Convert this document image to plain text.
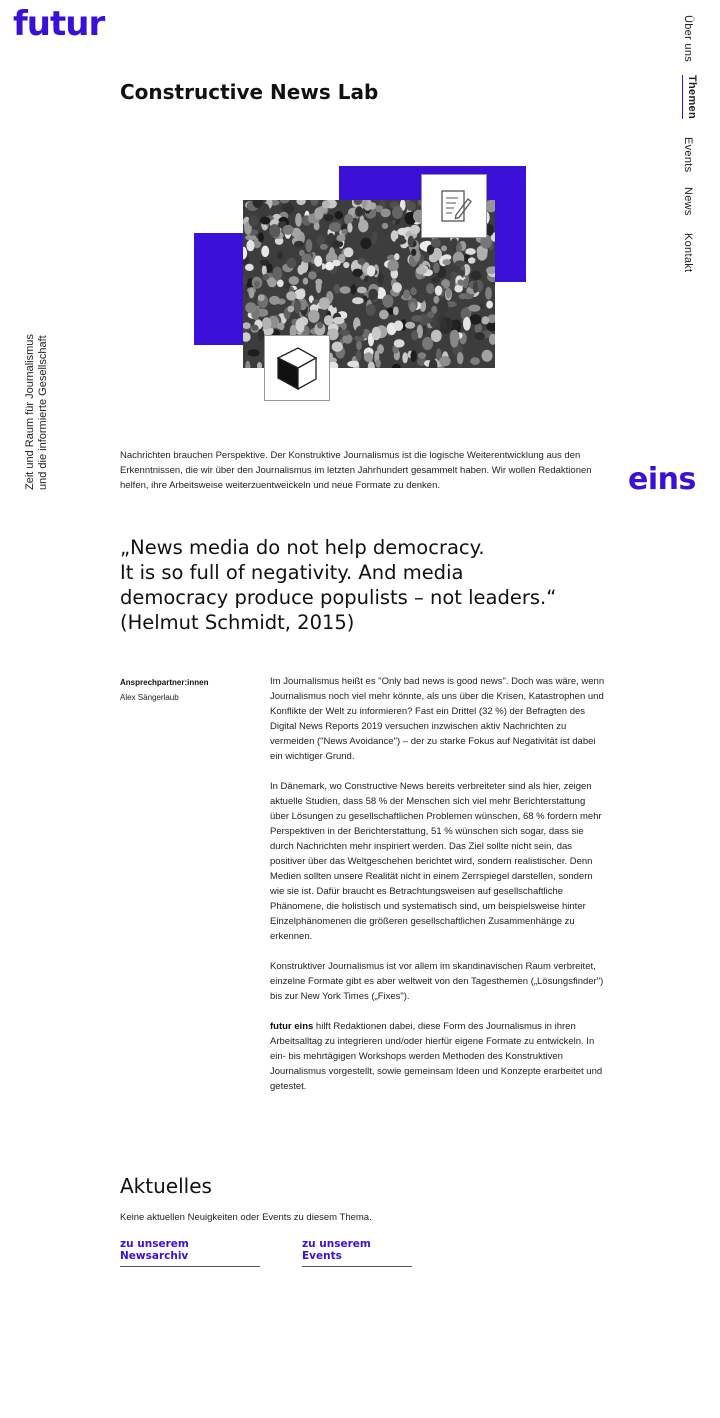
futur	Über uns
Themen
Events
News
Kontakt
Zeit und Raum für Journalismus und die informierte Gesellschaft
Constructive News Lab

Nachrichten brauchen Perspektive. Der Konstruktive Journalismus ist die logische Weiterentwicklung aus den Erkenntnissen, die wir über den Journalismus im letzten Jahrhundert gesammelt haben. Wir wollen Redaktionen helfen, ihre Arbeitsweise weiterzuentweickeln und neue Formate zu denken.	eins
„News media do not help democracy.
It is so full of negativity. And media
democracy produce populists – not leaders.“
(Helmut Schmidt, 2015)
Ansprechpartner:innen
Alex Sängerlaub

Im Journalismus heißt es "Only bad news is good news". Doch was wäre, wenn Journalismus noch viel mehr könnte, als uns über die Krisen, Katastrophen und Konflikte der Welt zu informieren? Fast ein Drittel (32 %) der Befragten des Digital News Reports 2019 versuchen inzwischen aktiv Nachrichten zu vermeiden ("News Avoidance") – der zu starke Fokus auf Negativität ist dabei ein wichtiger Grund.

In Dänemark, wo Constructive News bereits verbreiteter sind als hier, zeigen aktuelle Studien, dass 58 % der Menschen sich viel mehr Berichterstattung über Lösungen zu gesellschaftlichen Problemen wünschen, 68 % fordern mehr Perspektiven in der Berichterstattung, 51 % wünschen sich sogar, dass sie durch Nachrichten mehr inspiriert werden. Das Ziel sollte nicht sein, das positiver über das Weltgeschehen berichtet wird, sondern realistischer. Denn Medien sollten unsere Realität nicht in einem Zerrspiegel darstellen, sondern wie sie ist. Dafür braucht es Betrachtungsweisen auf gesellschaftliche Phänomene, die holistisch und systematisch sind, um beispielsweise hinter Einzelphänomenen die größeren gesellschaftlichen Zusammenhänge zu erkennen.

Konstruktiver Journalismus ist vor allem im skandinavischen Raum verbreitet, einzelne Formate gibt es aber weltweit von den Tagesthemen („Lösungsfinder") bis zur New York Times („Fixes").

futur eins hilft Redaktionen dabei, diese Form des Journalismus in ihren Arbeitsalltag zu integrieren und/oder hierfür eigene Formate zu entwickeln. In ein- bis mehrtägigen Workshops werden Methoden des Konstruktiven Journalismus vorgestellt, sowie gemeinsam Ideen und Konzepte erarbeitet und getestet.

Aktuelles
Keine aktuellen Neuigkeiten oder Events zu diesem Thema.
zu unserem Newsarchiv
zu unserem Events
